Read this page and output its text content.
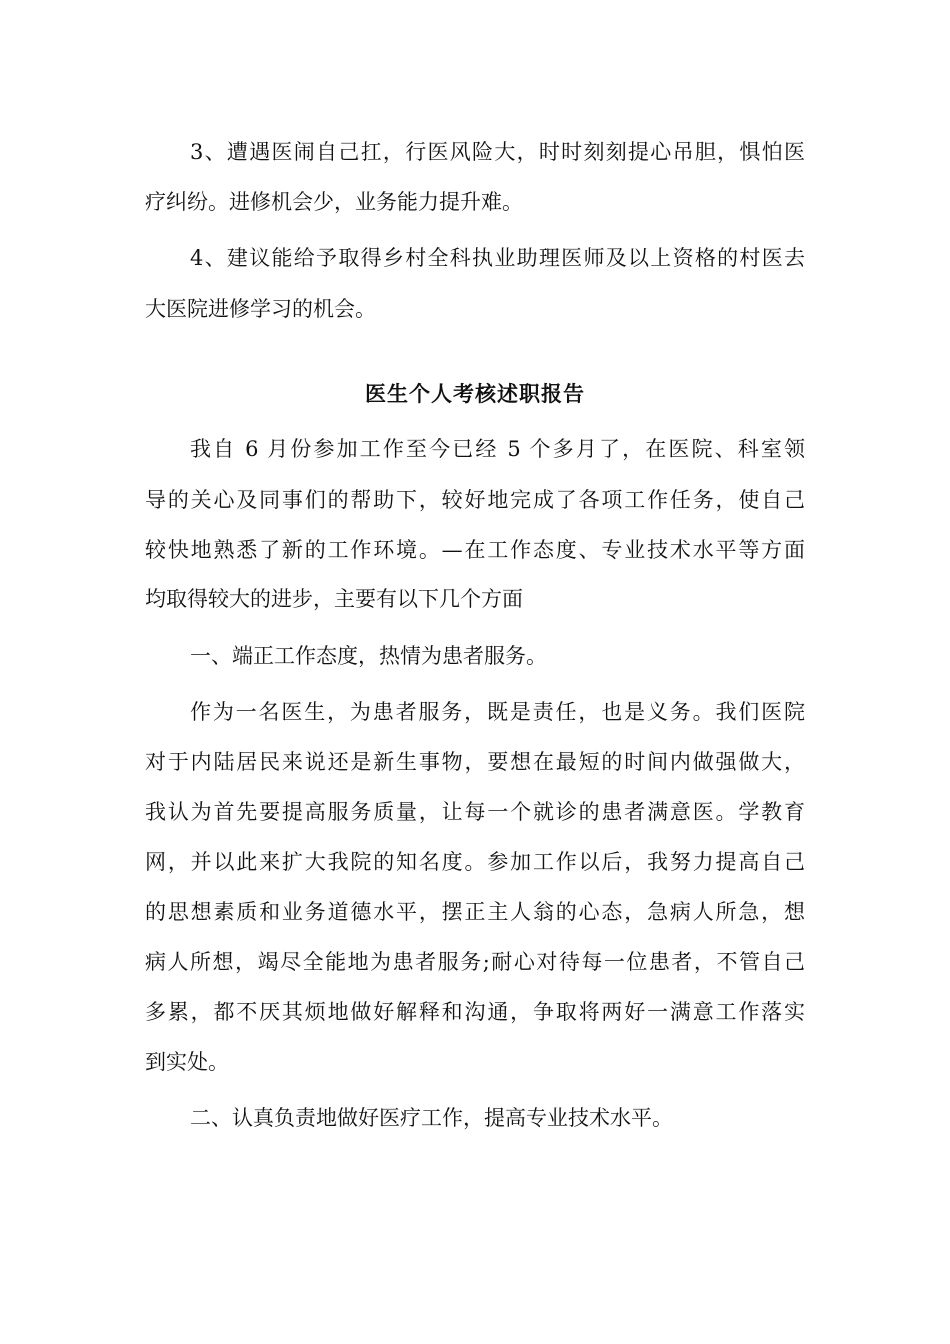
3、遭遇医闹自己扛，行医风险大，时时刻刻提心吊胆，惧怕医
疗纠纷。进修机会少，业务能力提升难。
4、建议能给予取得乡村全科执业助理医师及以上资格的村医去
大医院进修学习的机会。
医生个人考核述职报告
我自 6 月份参加工作至今已经 5 个多月了，在医院、科室领
导的关心及同事们的帮助下，较好地完成了各项工作任务，使自己
较快地熟悉了新的工作环境。—在工作态度、专业技术水平等方面
均取得较大的进步，主要有以下几个方面
一、端正工作态度，热情为患者服务。
作为一名医生，为患者服务，既是责任，也是义务。我们医院
对于内陆居民来说还是新生事物，要想在最短的时间内做强做大，
我认为首先要提高服务质量，让每一个就诊的患者满意医。学教育
网，并以此来扩大我院的知名度。参加工作以后，我努力提高自己
的思想素质和业务道德水平，摆正主人翁的心态，急病人所急，想
病人所想，竭尽全能地为患者服务;耐心对待每一位患者，不管自己
多累，都不厌其烦地做好解释和沟通，争取将两好一满意工作落实
到实处。
二、认真负责地做好医疗工作，提高专业技术水平。
